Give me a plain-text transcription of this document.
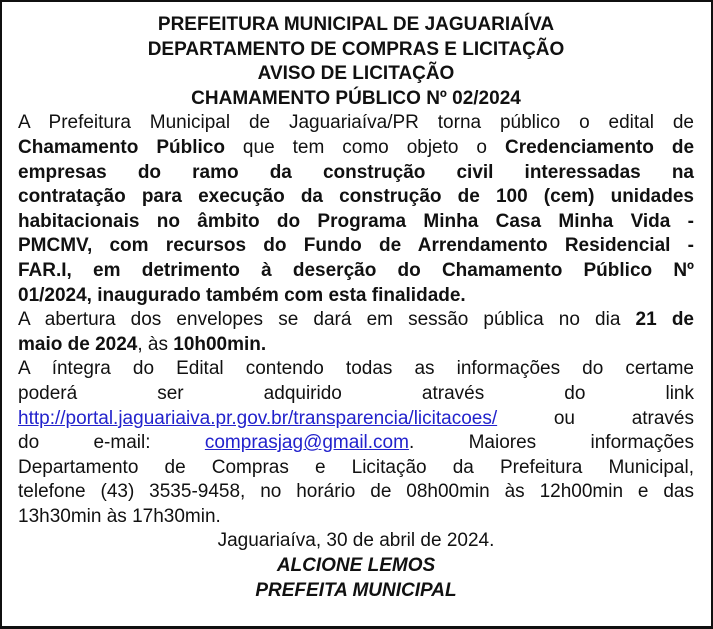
PREFEITURA MUNICIPAL DE JAGUARIAÍVA
DEPARTAMENTO DE COMPRAS E LICITAÇÃO
AVISO DE LICITAÇÃO
CHAMAMENTO PÚBLICO Nº 02/2024
A Prefeitura Municipal de Jaguariaíva/PR torna público o edital de
Chamamento Público que tem como objeto o Credenciamento de
empresas do ramo da construção civil interessadas na
contratação para execução da construção de 100 (cem) unidades
habitacionais no âmbito do Programa Minha Casa Minha Vida -
PMCMV, com recursos do Fundo de Arrendamento Residencial -
FAR.I, em detrimento à deserção do Chamamento Público Nº
01/2024, inaugurado também com esta finalidade.
A abertura dos envelopes se dará em sessão pública no dia 21 de
maio de 2024, às 10h00min.
A íntegra do Edital contendo todas as informações do certame
poderá ser adquirido através do link
http://portal.jaguariaiva.pr.gov.br/transparencia/licitacoes/ ou através
do e-mail: comprasjag@gmail.com. Maiores informações
Departamento de Compras e Licitação da Prefeitura Municipal,
telefone (43) 3535-9458, no horário de 08h00min às 12h00min e das
13h30min às 17h30min.
Jaguariaíva, 30 de abril de 2024.
ALCIONE LEMOS
PREFEITA MUNICIPAL
